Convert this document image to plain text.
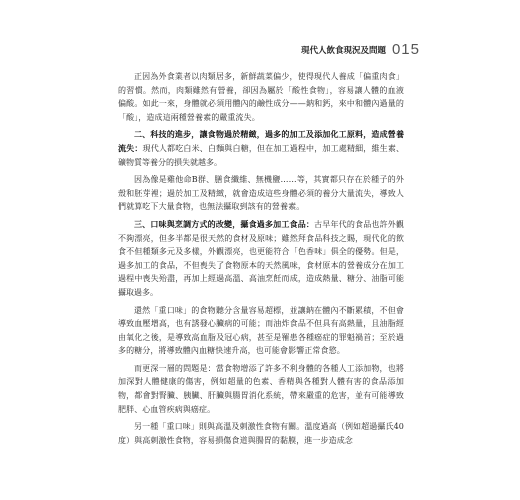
現代人飲食現況及問題 015

正因為外食業者以肉類居多，新鮮蔬菜偏少，使得現代人養成「偏重肉食」的習慣。然而，肉類雖然有營養，卻因為屬於「酸性食物」，容易讓人體的血液偏酸。如此一來，身體就必須用體內的鹼性成分——鈉和鈣，來中和體內過量的「酸」，造成這兩種營養素的嚴重流失。

二、科技的進步，讓食物過於精緻，過多的加工及添加化工原料，造成營養流失：現代人都吃白米、白麵與白糖，但在加工過程中，加工處精細，維生素、礦物質等養分的損失就越多。

因為像是雞他命B群、膳食纖維、無機鹽……等，其實都只存在於種子的外殼和胚芽裡；過於加工及精緻，就會造成這些身體必須的養分大量流失，導致人們就算吃下大量食物，也無法攝取到該有的營養素。

三、口味與烹調方式的改變，攝食過多加工食品：古早年代的食品也許外觀不夠漂亮，但多半都是很天然的食材及原味；雖然拜食品科技之賜，現代化的飲食不但種類多元及多樣，外觀漂亮，也更能符合「色香味」俱全的優勢。但是，過多加工的食品，不但喪失了食物原本的天然風味，食材原本的營養成分在加工過程中喪失殆盡，再加上經過高溫、高油烹飪而成，造成熱量、糖分、油脂可能攝取過多。

還然「重口味」的食物聽分含量容易超標，並讓鈉在體內不斷累積，不但會導致血壓增高，也有誘發心臟病的可能；而油炸食品不但具有高熱量，且油脂經由氧化之後，是導致高血脂及冠心病，甚至是罹患各種癌症的罪魁禍首；至於過多的糖分，將導致體內血糖快速升高，也可能會影響正常食慾。

而更深一層的問題是：當食物增添了許多不利身體的各種人工添加物，也將加深對人體健康的傷害，例如超量的色素、香精與各種對人體有害的食品添加物，都會對腎臟、胰臟、肝臟與腸胃消化系統，帶來嚴重的危害，並有可能導致肥胖、心血管疾病與癌症。

另一種「重口味」則與高溫及刺激性食物有關。溫度過高（例如超過攝氏40度）與高刺激性食物，容易損傷食道與腸胃的黏膜，進一步造成念
